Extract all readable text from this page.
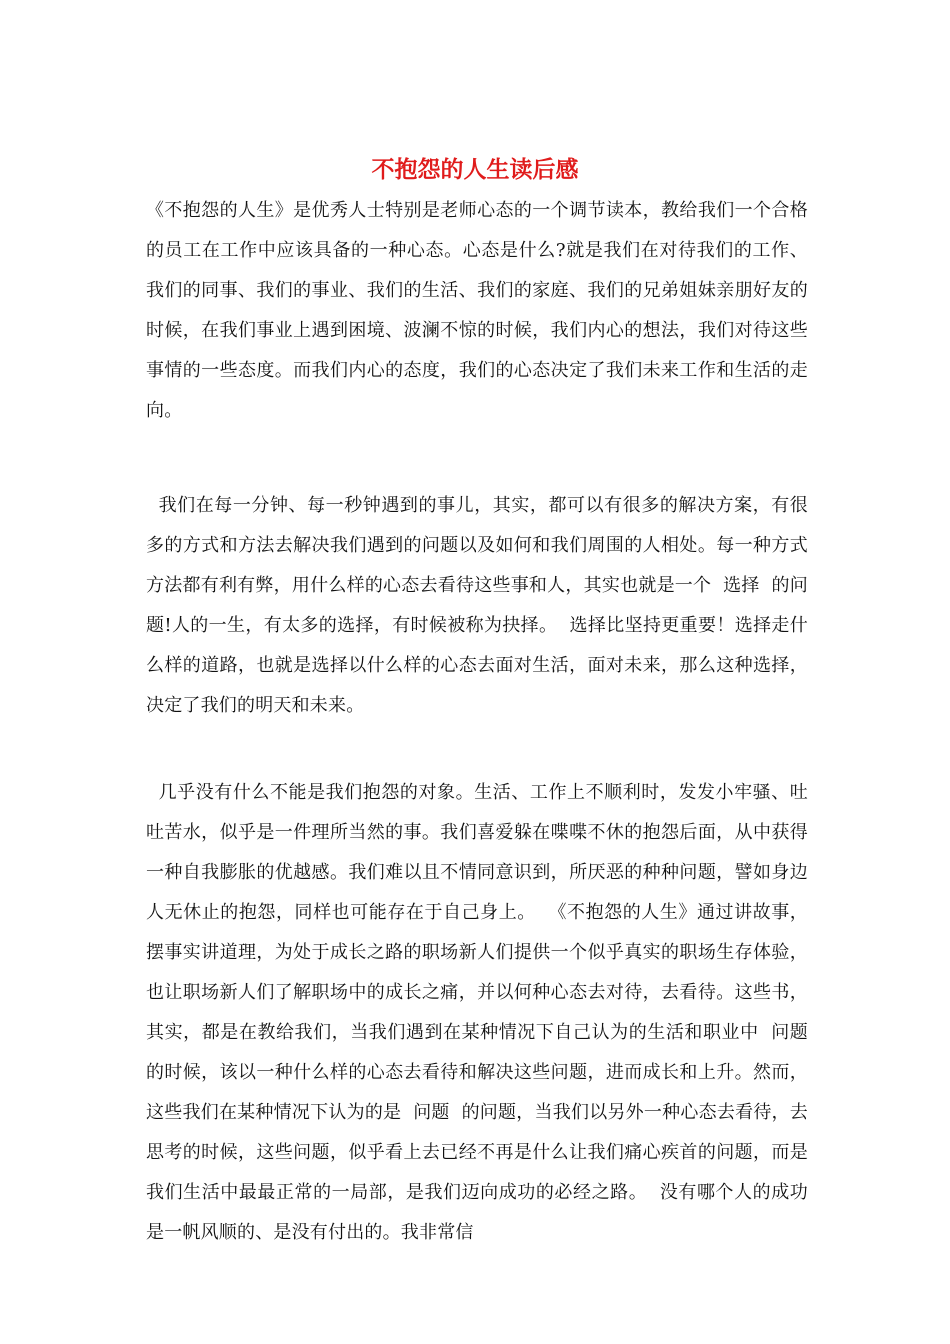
不抱怨的人生读后感

《不抱怨的人生》是优秀人士特别是老师心态的一个调节读本，教给我们一个合格的员工在工作中应该具备的一种心态。心态是什么?就是我们在对待我们的工作、我们的同事、我们的事业、我们的生活、我们的家庭、我们的兄弟姐妹亲朋好友的时候，在我们事业上遇到困境、波澜不惊的时候，我们内心的想法，我们对待这些事情的一些态度。而我们内心的态度，我们的心态决定了我们未来工作和生活的走向。

我们在每一分钟、每一秒钟遇到的事儿，其实，都可以有很多的解决方案，有很多的方式和方法去解决我们遇到的问题以及如何和我们周围的人相处。每一种方式方法都有利有弊，用什么样的心态去看待这些事和人，其实也就是一个  选择  的问题!人的一生，有太多的选择，有时候被称为抉择。  选择比坚持更重要！选择走什么样的道路，也就是选择以什么样的心态去面对生活，面对未来，那么这种选择，决定了我们的明天和未来。

几乎没有什么不能是我们抱怨的对象。生活、工作上不顺利时，发发小牢骚、吐吐苦水，似乎是一件理所当然的事。我们喜爱躲在喋喋不休的抱怨后面，从中获得一种自我膨胀的优越感。我们难以且不情同意识到，所厌恶的种种问题，譬如身边人无休止的抱怨，同样也可能存在于自己身上。  《不抱怨的人生》通过讲故事，摆事实讲道理，为处于成长之路的职场新人们提供一个似乎真实的职场生存体验，也让职场新人们了解职场中的成长之痛，并以何种心态去对待，去看待。这些书，其实，都是在教给我们，当我们遇到在某种情况下自己认为的生活和职业中  问题  的时候，该以一种什么样的心态去看待和解决这些问题，进而成长和上升。然而，这些我们在某种情况下认为的是  问题  的问题，当我们以另外一种心态去看待，去思考的时候，这些问题，似乎看上去已经不再是什么让我们痛心疾首的问题，而是我们生活中最最正常的一局部，是我们迈向成功的必经之路。  没有哪个人的成功是一帆风顺的、是没有付出的。我非常信
